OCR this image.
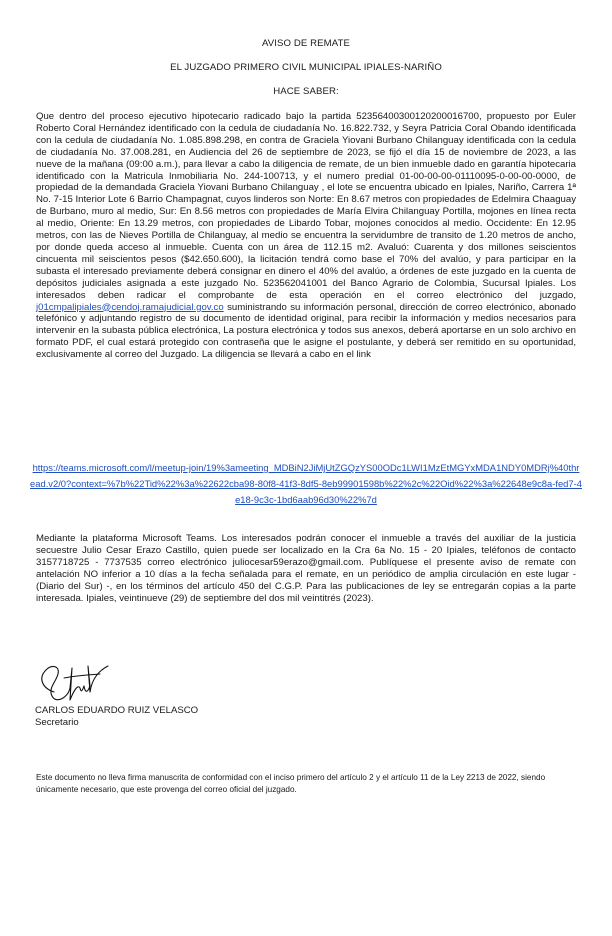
AVISO DE REMATE
EL JUZGADO PRIMERO CIVIL MUNICIPAL IPIALES-NARIÑO
HACE SABER:

Que dentro del proceso ejecutivo hipotecario radicado bajo la partida 52356400300120200016700, propuesto por Euler Roberto Coral Hernández identificado con la cedula de ciudadanía No. 16.822.732, y Seyra Patricia Coral Obando identificada con la cedula de ciudadanía No. 1.085.898.298, en contra de Graciela Yiovani Burbano Chilanguay identificada con la cedula de ciudadanía No. 37.008.281, en Audiencia del 26 de septiembre de 2023, se fijó el día 15 de noviembre de 2023, a las nueve de la mañana (09:00 a.m.), para llevar a cabo la diligencia de remate, de un bien inmueble dado en garantía hipotecaria identificado con la Matricula Inmobiliaria No. 244-100713, y el numero predial 01-00-00-00-01110095-0-00-00-0000, de propiedad de la demandada Graciela Yiovani Burbano Chilanguay , el lote se encuentra ubicado en Ipiales, Nariño, Carrera 1ª No. 7-15 Interior Lote 6 Barrio Champagnat, cuyos linderos son Norte: En 8.67 metros con propiedades de Edelmira Chaaguay de Burbano, muro al medio, Sur: En 8.56 metros con propiedades de María Elvira Chilanguay Portilla, mojones en línea recta al medio, Oriente: En 13.29 metros, con propiedades de Libardo Tobar, mojones conocidos al medio. Occidente: En 12.95 metros, con las de Nieves Portilla de Chilanguay, al medio se encuentra la servidumbre de transito de 1.20 metros de ancho, por donde queda acceso al inmueble. Cuenta con un área de 112.15 m2. Avaluó: Cuarenta y dos millones seiscientos cincuenta mil seiscientos pesos ($42.650.600), la licitación tendrá como base el 70% del avalúo, y para participar en la subasta el interesado previamente deberá consignar en dinero el 40% del avalúo, a órdenes de este juzgado en la cuenta de depósitos judiciales asignada a este juzgado No. 523562041001 del Banco Agrario de Colombia, Sucursal Ipiales. Los interesados deben radicar el comprobante de esta operación en el correo electrónico del juzgado, j01cmpalipiales@cendoj.ramajudicial.gov.co suministrando su información personal, dirección de correo electrónico, abonado telefónico y adjuntando registro de su documento de identidad original, para recibir la información y medios necesarios para intervenir en la subasta pública electrónica, La postura electrónica y todos sus anexos, deberá aportarse en un solo archivo en formato PDF, el cual estará protegido con contraseña que le asigne el postulante, y deberá ser remitido en su oportunidad, exclusivamente al correo del Juzgado. La diligencia se llevará a cabo en el link

https://teams.microsoft.com/l/meetup-join/19%3ameeting_MDBiN2JiMjUtZGQzYS00ODc1LWI1MzEtMGYxMDA1NDY0MDRj%40thread.v2/0?context=%7b%22Tid%22%3a%22622cba98-80f8-41f3-8df5-8eb99901598b%22%2c%22Oid%22%3a%22648e9c8a-fed7-4e18-9c3c-1bd6aab96d30%22%7d

Mediante la plataforma Microsoft Teams. Los interesados podrán conocer el inmueble a través del auxiliar de la justicia secuestre Julio Cesar Erazo Castillo, quien puede ser localizado en la Cra 6a No. 15 - 20 Ipiales, teléfonos de contacto 3157718725 - 7737535 correo electrónico juliocesar59erazo@gmail.com. Publíquese el presente aviso de remate con antelación NO inferior a 10 días a la fecha señalada para el remate, en un periódico de amplia circulación en este lugar -(Diario del Sur) -, en los términos del artículo 450 del C.G.P. Para las publicaciones de ley se entregarán copias a la parte interesada. Ipiales, veintinueve (29) de septiembre del dos mil veintitrés (2023).

CARLOS EDUARDO RUIZ VELASCO
Secretario

Este documento no lleva firma manuscrita de conformidad con el inciso primero del artículo 2 y el artículo 11 de la Ley 2213 de 2022, siendo únicamente necesario, que este provenga del correo oficial del juzgado.
